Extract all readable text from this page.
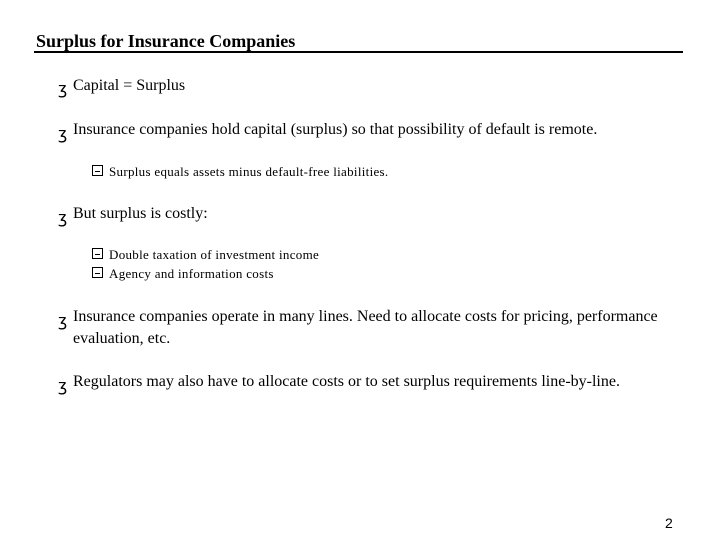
Surplus for Insurance Companies
ʒ Capital = Surplus
ʒ Insurance companies hold capital (surplus) so that possibility of default is remote.
Surplus equals assets minus default-free liabilities.
ʒ But surplus is costly:
Double taxation of investment income
Agency and information costs
ʒ Insurance companies operate in many lines. Need to allocate costs for pricing, performance evaluation, etc.
ʒ Regulators may also have to allocate costs or to set surplus requirements line-by-line.
2
